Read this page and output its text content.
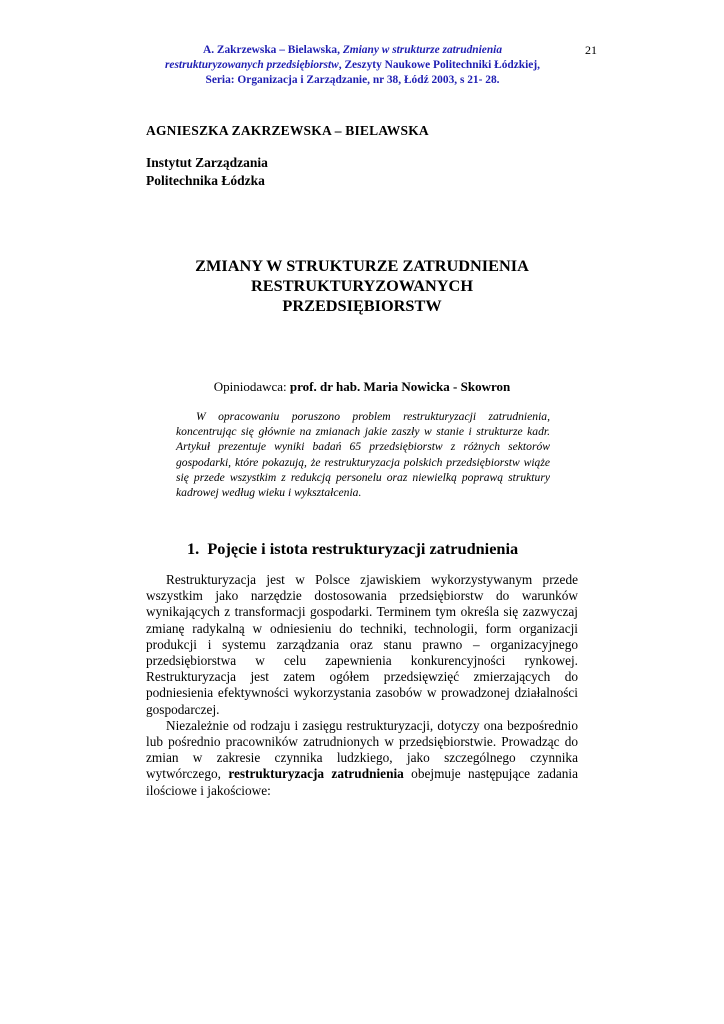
21
A. Zakrzewska – Bielawska, Zmiany w strukturze zatrudnienia
restrukturyzowanych przedsiębiorstw, Zeszyty Naukowe Politechniki Łódzkiej,
Seria: Organizacja i Zarządzanie, nr 38, Łódź 2003, s 21- 28.
AGNIESZKA ZAKRZEWSKA – BIELAWSKA
Instytut Zarządzania
Politechnika Łódzka
ZMIANY W STRUKTURZE ZATRUDNIENIA
RESTRUKTURYZOWANYCH
PRZEDSIĘBIORSTW
Opiniodawca: prof. dr hab. Maria Nowicka - Skowron

W opracowaniu poruszono problem restrukturyzacji zatrudnienia, koncentrując się głównie na zmianach jakie zaszły w stanie i strukturze kadr. Artykuł prezentuje wyniki badań 65 przedsiębiorstw z różnych sektorów gospodarki, które pokazują, że restrukturyzacja polskich przedsiębiorstw wiąże się przede wszystkim z redukcją personelu oraz niewielką poprawą struktury kadrowej według wieku i wykształcenia.

1. Pojęcie i istota restrukturyzacji zatrudnienia

Restrukturyzacja jest w Polsce zjawiskiem wykorzystywanym przede wszystkim jako narzędzie dostosowania przedsiębiorstw do warunków wynikających z transformacji gospodarki. Terminem tym określa się zazwyczaj zmianę radykalną w odniesieniu do techniki, technologii, form organizacji produkcji i systemu zarządzania oraz stanu prawno – organizacyjnego przedsiębiorstwa w celu zapewnienia konkurencyjności rynkowej. Restrukturyzacja jest zatem ogółem przedsięwzięć zmierzających do podniesienia efektywności wykorzystania zasobów w prowadzonej działalności gospodarczej.

Niezależnie od rodzaju i zasięgu restrukturyzacji, dotyczy ona bezpośrednio lub pośrednio pracowników zatrudnionych w przedsiębiorstwie. Prowadząc do zmian w zakresie czynnika ludzkiego, jako szczególnego czynnika wytwórczego, restrukturyzacja zatrudnienia obejmuje następujące zadania ilościowe i jakościowe:
